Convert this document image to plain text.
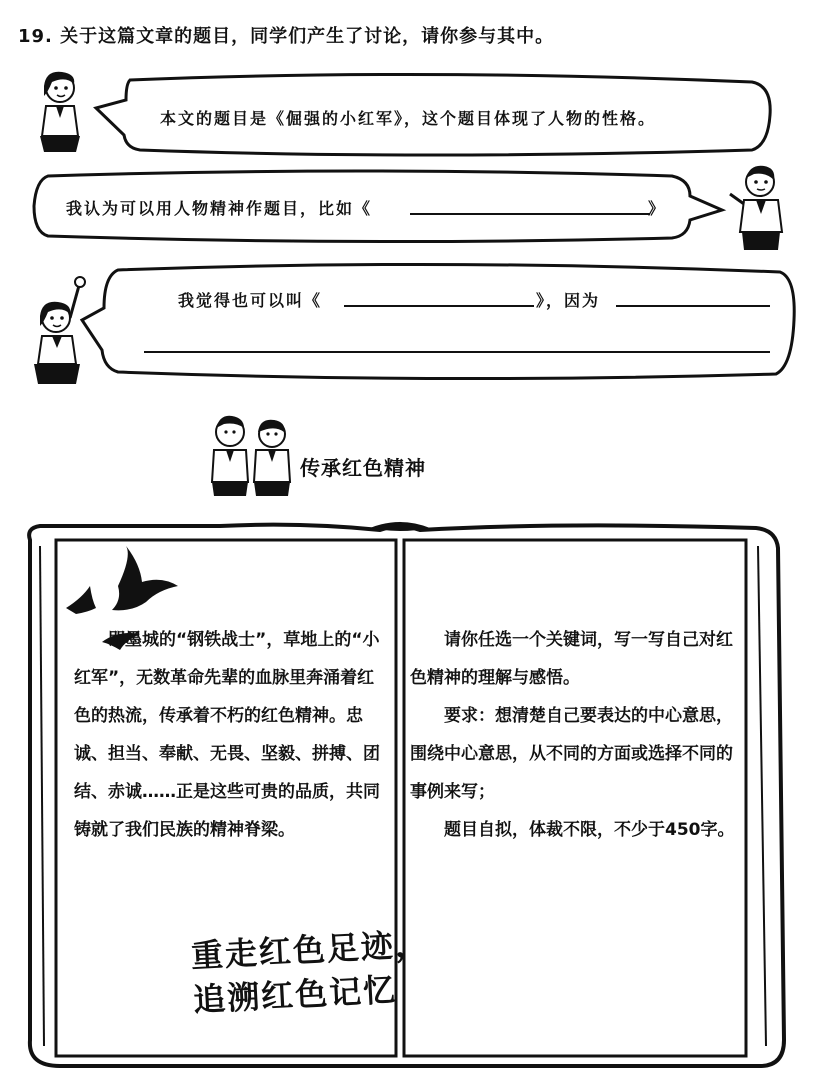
19. 关于这篇文章的题目，同学们产生了讨论，请你参与其中。
本文的题目是《倔强的小红军》，这个题目体现了人物的性格。
我认为可以用人物精神作题目，比如《	》
我觉得也可以叫《	》，因为
传承红色精神

即墨城的“钢铁战士”，草地上的“小红军”，无数革命先辈的血脉里奔涌着红色的热流，传承着不朽的红色精神。忠诚、担当、奉献、无畏、坚毅、拼搏、团结、赤诚……正是这些可贵的品质，共同铸就了我们民族的精神脊梁。

重走红色足迹，
追溯红色记忆

请你任选一个关键词，写一写自己对红色精神的理解与感悟。

要求：想清楚自己要表达的中心意思，围绕中心意思，从不同的方面或选择不同的事例来写；

题目自拟，体裁不限，不少于450字。
